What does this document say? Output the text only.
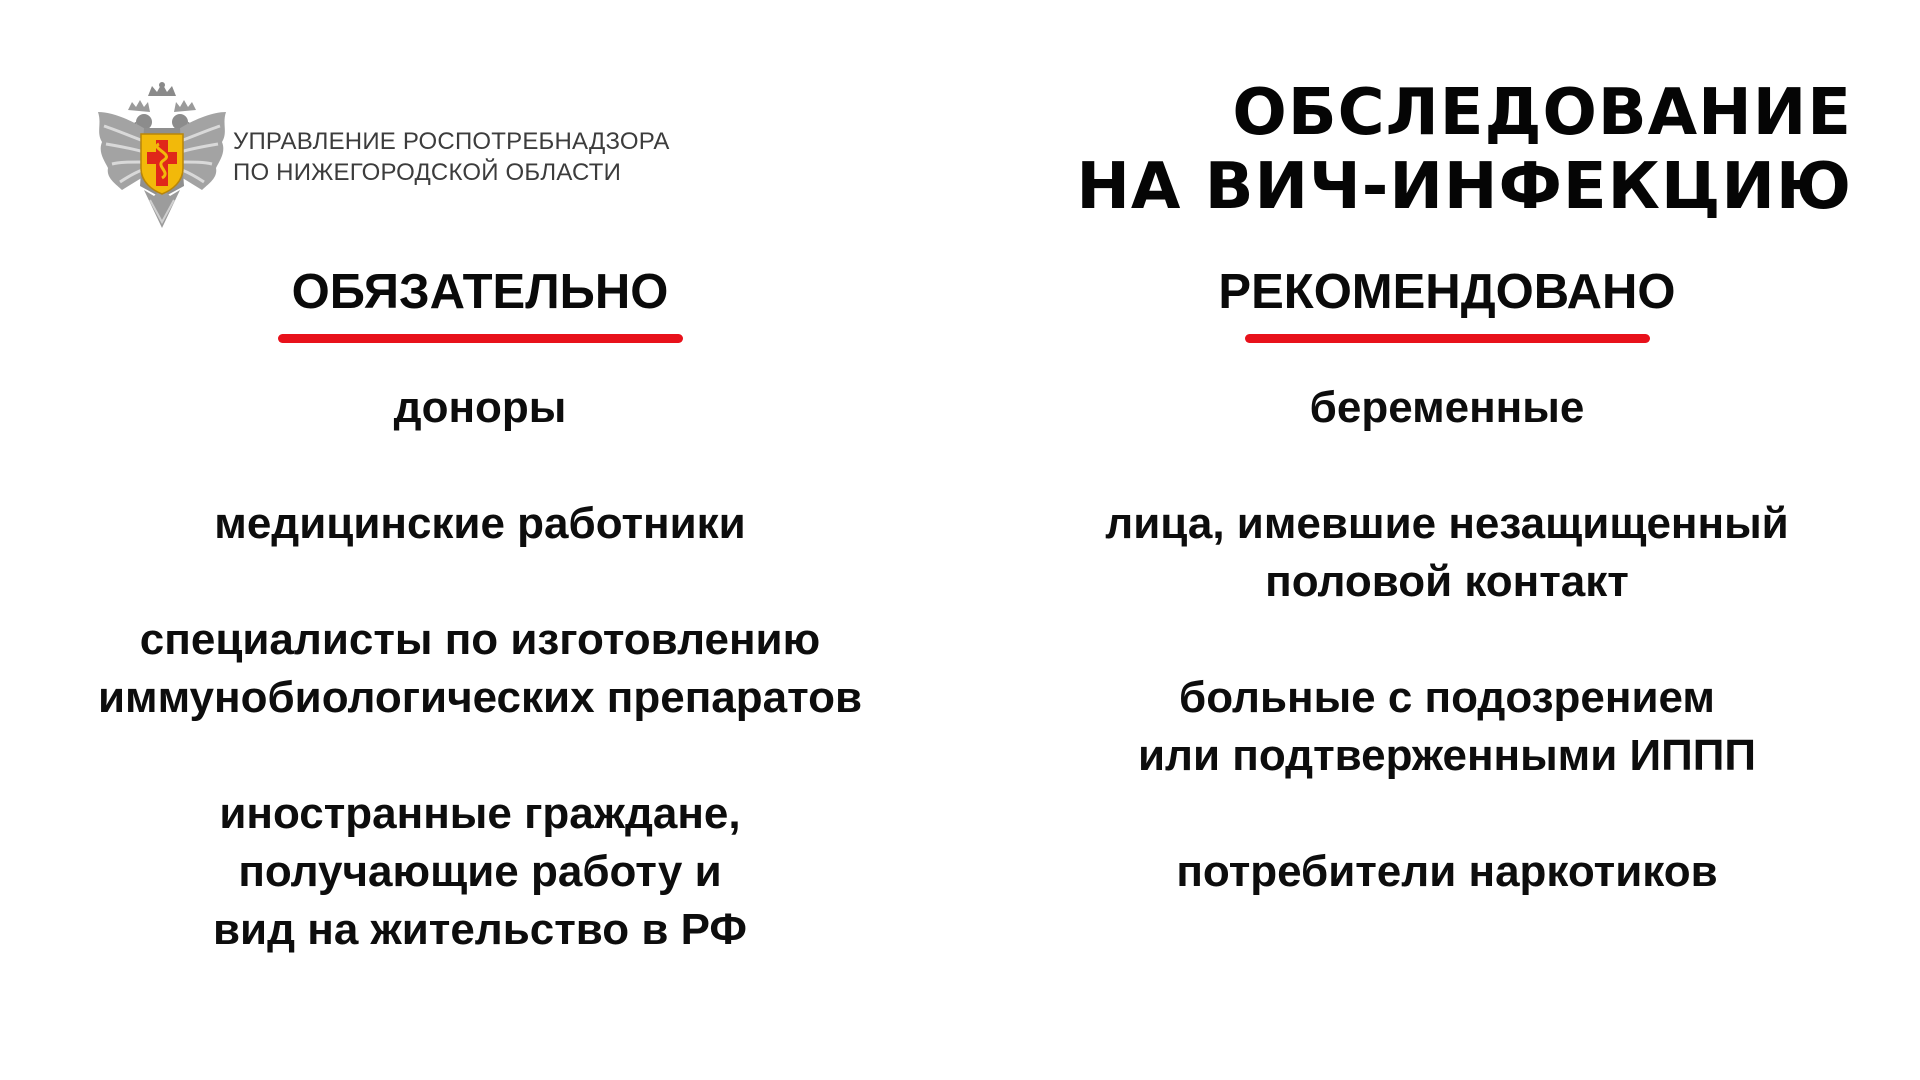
УПРАВЛЕНИЕ РОСПОТРЕБНАДЗОРА
ПО НИЖЕГОРОДСКОЙ ОБЛАСТИ
ОБСЛЕДОВАНИЕ
НА ВИЧ-ИНФЕКЦИЮ
ОБЯЗАТЕЛЬНО
доноры
медицинские работники
специалисты по изготовлению
иммунобиологических препаратов
иностранные граждане,
получающие работу и
вид на жительство в РФ
РЕКОМЕНДОВАНО
беременные
лица, имевшие незащищенный
половой контакт
больные с подозрением
или подтверженными ИППП
потребители наркотиков
